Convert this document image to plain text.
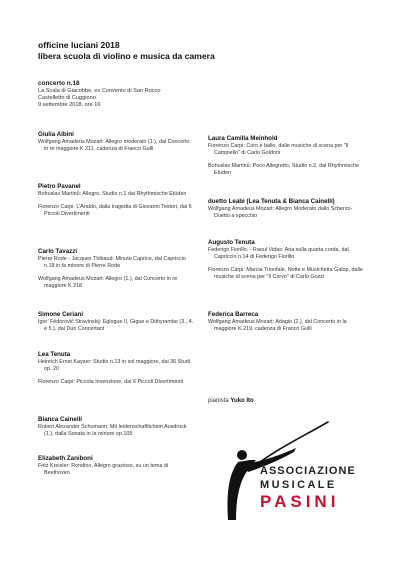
officine luciani 2018
libera scuola di violino e musica da camera
concerto n.18
La Scala di Giacobbe, ex Convento di San Rocco
Castelletto di Cuggiono
9 settembre 2018, ore 16
Giulia Albini

Wolfgang Amadeus Mozart: Allegro moderato (1.), dal Concerto in re maggiore K 211, cadenza di Franco Gulli

Pietro Pavanel

Bohuslav Martinů: Allegro, Studio n.1 dai Rhythmische Etüden

Fiorenzo Carpi: L’Araldo, dalla tragedia di Giovanni Testori, dai 6 Piccoli Divertimenti

Carlo Tavazzi

Pierre Rode - Jacques Thibaud: Minute Caprice, dal Capriccio n.18 in fa minore di Pierre Rode

Wolfgang Amadeus Mozart: Allegro (1.), dal Concerto in re maggiore K 218

Simone Ceriani

Igor’ Fëdorovič Stravinskij: Eglogue II, Gigue e Dithyrambe (3., 4. e 5.), dal Duo Concertant

Lea Tenuta

Heinrich Ernst Kayser: Studio n.13 in sol maggiore, dai 36 Studi op. 20

Fiorenzo Carpi: Piccola Invenzione, dai 6 Piccoli Divertimenti

Bianca Cainelli

Robert Alexander Schumann: Mit leidenschaftlichem Ausdruck (1.), dalla Sonata in la minore op.105

Elizabeth Zaniboni

Fritz Kreisler: Rondino, Allegro grazioso, su un tema di Beethoven

Laura Camilla Meinhold

Fiorenzo Carpi: Coro e ballo, dalle musiche di scena per "Il Campiello" di Carlo Goldoni

Bohuslav Martinů: Poco Allegretto, Studio n.2, dai Rhythmische Etüden

duetto Leabì (Lea Tenuta & Bianca Cainelli)

Wolfgang Amadeus Mozart: Allegro Moderato dallo Scherzo-Duetto a specchio

Augusto Tenuta

Federigo Fiorillo. - Raoul Vidas: Aria sulla quarta corda, dal Capriccio n.14 di Federigo Fiorillo

Fiorenzo Carpi: Marcia Trionfale, Notte e Musichetta Galop, dalle musiche di scena per "Il Corvo" di Carlo Gozzi

Federica Barreca

Wolfgang Amadeus Mozart: Adagio (2.), dal Concerto in la maggiore K 219, cadenza di Franco Gulli

pianista Yuko Ito
ASSOCIAZIONE
MUSICALE
PASINI
